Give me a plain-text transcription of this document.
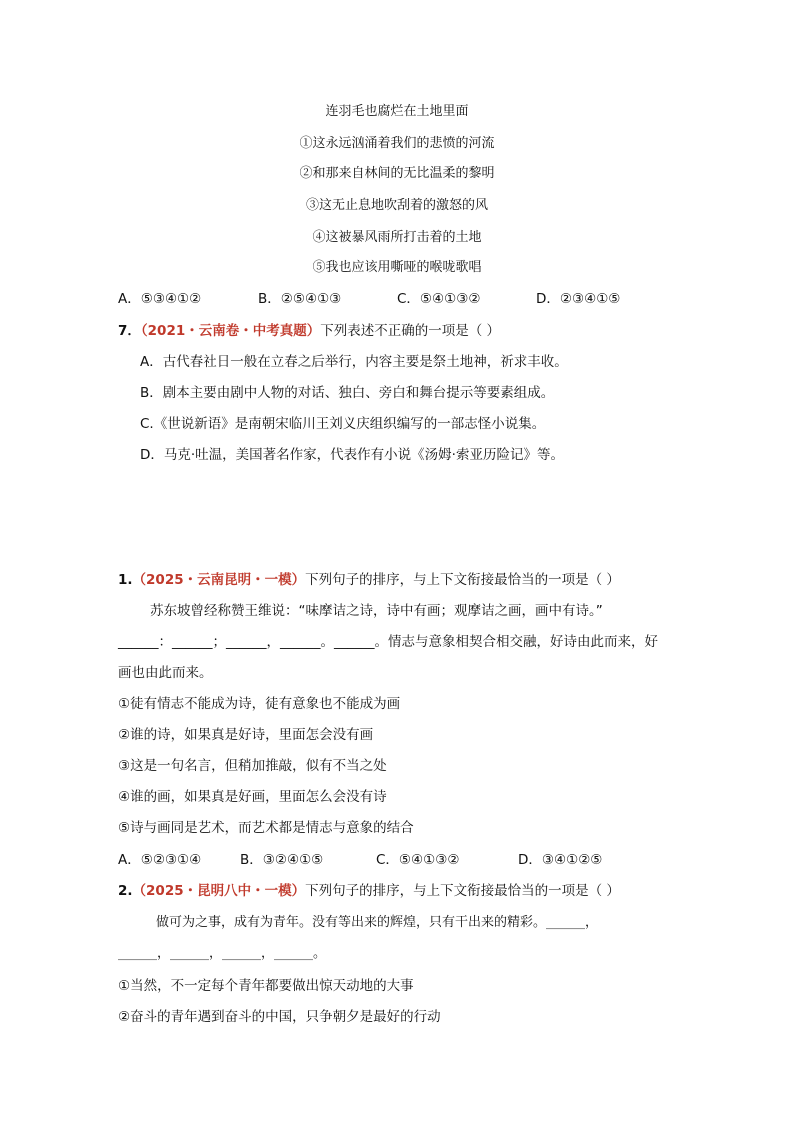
连羽毛也腐烂在土地里面
①这永远汹涌着我们的悲愤的河流
②和那来自林间的无比温柔的黎明
③这无止息地吹刮着的激怒的风
④这被暴风雨所打击着的土地
⑤我也应该用嘶哑的喉咙歌唱
A．⑤③④①②	B．②⑤④①③	C．⑤④①③②	D．②③④①⑤
7．（2021・云南卷・中考真题）下列表述不正确的一项是（ ）
A．古代春社日一般在立春之后举行，内容主要是祭土地神，祈求丰收。
B．剧本主要由剧中人物的对话、独白、旁白和舞台提示等要素组成。
C.《世说新语》是南朝宋临川王刘义庆组织编写的一部志怪小说集。
D．马克·吐温，美国著名作家，代表作有小说《汤姆·索亚历险记》等。
1.（2025・云南昆明・一模）下列句子的排序，与上下文衔接最恰当的一项是（ ）
苏东坡曾经称赞王维说：“味摩诘之诗，诗中有画；观摩诘之画，画中有诗。”
______：______；______，______。______。情志与意象相契合相交融，好诗由此而来，好
画也由此而来。
①徒有情志不能成为诗，徒有意象也不能成为画
②谁的诗，如果真是好诗，里面怎会没有画
③这是一句名言，但稍加推敲，似有不当之处
④谁的画，如果真是好画，里面怎么会没有诗
⑤诗与画同是艺术，而艺术都是情志与意象的结合
A．⑤②③①④	B．③②④①⑤	C．⑤④①③②	D．③④①②⑤
2.（2025・昆明八中・一模）下列句子的排序，与上下文衔接最恰当的一项是（ ）
做可为之事，成有为青年。没有等出来的辉煌，只有干出来的精彩。______，
______，______，______，______。
①当然，不一定每个青年都要做出惊天动地的大事
②奋斗的青年遇到奋斗的中国，只争朝夕是最好的行动
